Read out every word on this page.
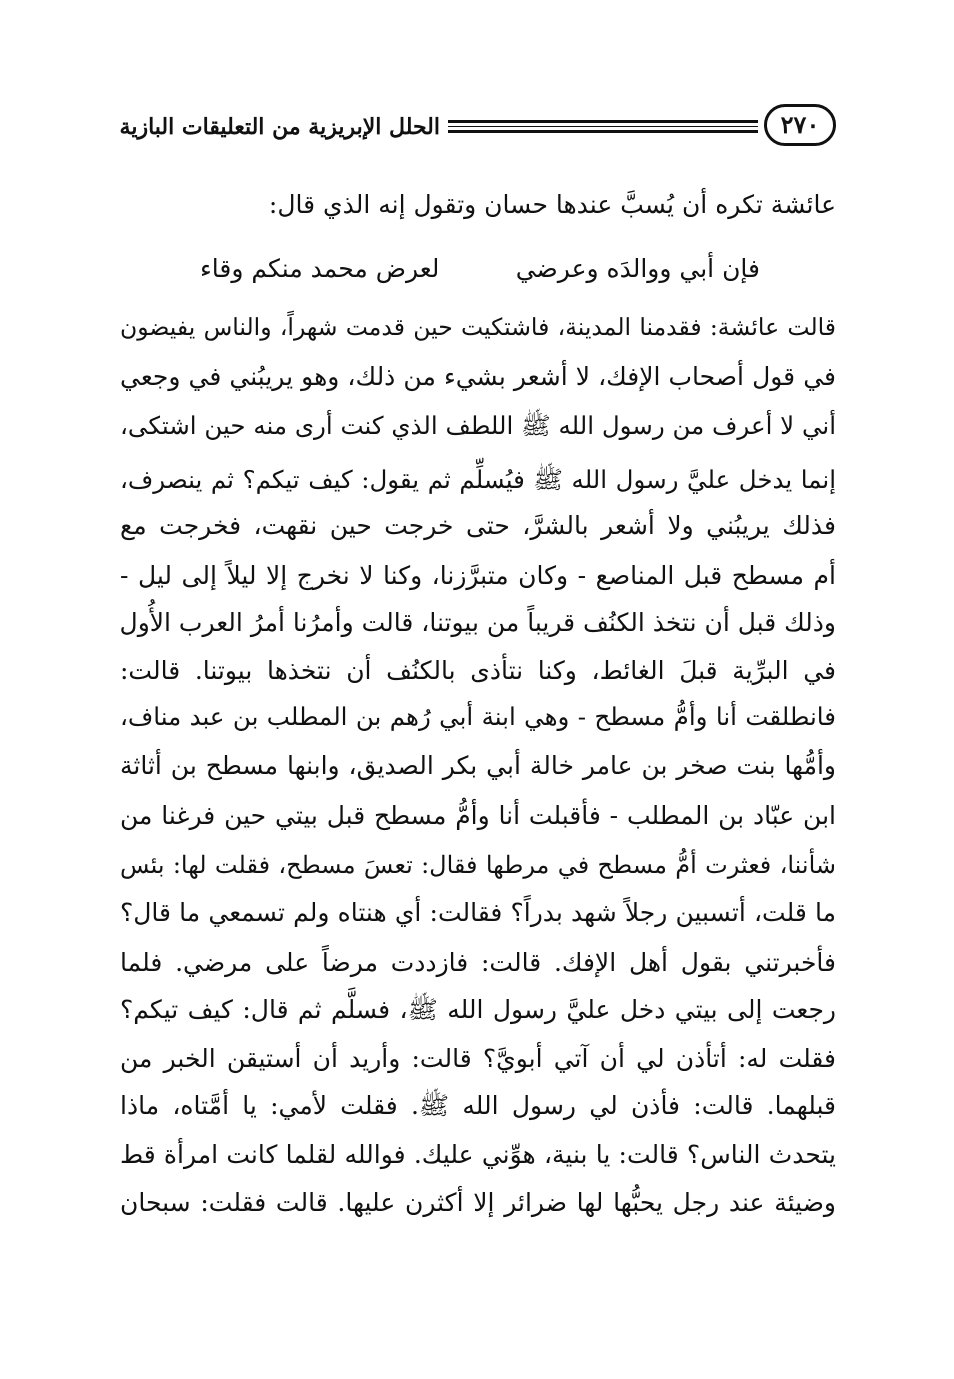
الحلل الإبريزية من التعليقات البازية	٢٧٠
عائشة تكره أن يُسبَّ عندها حسان وتقول إنه الذي قال:
فإن أبي ووالدَه وعرضي
لعرض محمد منكم وقاء
قالت عائشة: فقدمنا المدينة، فاشتكيت حين قدمت شهراً، والناس يفيضون
في قول أصحاب الإفك، لا أشعر بشيء من ذلك، وهو يريبُني في وجعي
أني لا أعرف من رسول الله ﷺ اللطف الذي كنت أرى منه حين اشتكى،
إنما يدخل عليَّ رسول الله ﷺ فيُسلِّم ثم يقول: كيف تيكم؟ ثم ينصرف،
فذلك يريبُني ولا أشعر بالشرَّ، حتى خرجت حين نقهت، فخرجت مع
أم مسطح قبل المناصع - وكان متبرَّزنا، وكنا لا نخرج إلا ليلاً إلى ليل -
وذلك قبل أن نتخذ الكنُف قريباً من بيوتنا، قالت وأمرُنا أمرُ العرب الأُول
في البرِّية قبلَ الغائط، وكنا نتأذى بالكنُف أن نتخذها بيوتنا. قالت:
فانطلقت أنا وأمُّ مسطح - وهي ابنة أبي رُهم بن المطلب بن عبد مناف،
وأمُّها بنت صخر بن عامر خالة أبي بكر الصديق، وابنها مسطح بن أثاثة
ابن عبّاد بن المطلب - فأقبلت أنا وأمُّ مسطح قبل بيتي حين فرغنا من
شأننا، فعثرت أمُّ مسطح في مرطها فقال: تعسَ مسطح، فقلت لها: بئس
ما قلت، أتسبين رجلاً شهد بدراً؟ فقالت: أي هنتاه ولم تسمعي ما قال؟
فأخبرتني بقول أهل الإفك. قالت: فازددت مرضاً على مرضي. فلما
رجعت إلى بيتي دخل عليَّ رسول الله ﷺ، فسلَّم ثم قال: كيف تيكم؟
فقلت له: أتأذن لي أن آتي أبويَّ؟ قالت: وأريد أن أستيقن الخبر من
قبلهما. قالت: فأذن لي رسول الله ﷺ. فقلت لأمي: يا أمَّتاه، ماذا
يتحدث الناس؟ قالت: يا بنية، هوِّني عليك. فوالله لقلما كانت امرأة قط
وضيئة عند رجل يحبُّها لها ضرائر إلا أكثرن عليها. قالت فقلت: سبحان
